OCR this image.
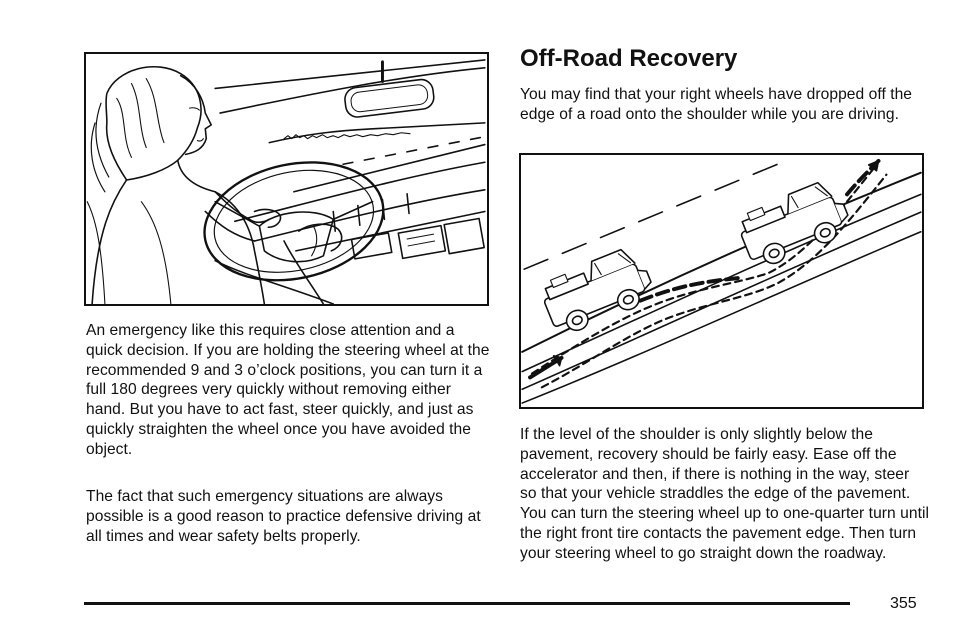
An emergency like this requires close attention and a quick decision. If you are holding the steering wheel at the recommended 9 and 3 o’clock positions, you can turn it a full 180 degrees very quickly without removing either hand. But you have to act fast, steer quickly, and just as quickly straighten the wheel once you have avoided the object.

The fact that such emergency situations are always possible is a good reason to practice defensive driving at all times and wear safety belts properly.

Off-Road Recovery

You may find that your right wheels have dropped off the edge of a road onto the shoulder while you are driving.

If the level of the shoulder is only slightly below the pavement, recovery should be fairly easy. Ease off the accelerator and then, if there is nothing in the way, steer so that your vehicle straddles the edge of the pavement. You can turn the steering wheel up to one-quarter turn until the right front tire contacts the pavement edge. Then turn your steering wheel to go straight down the roadway.

355
